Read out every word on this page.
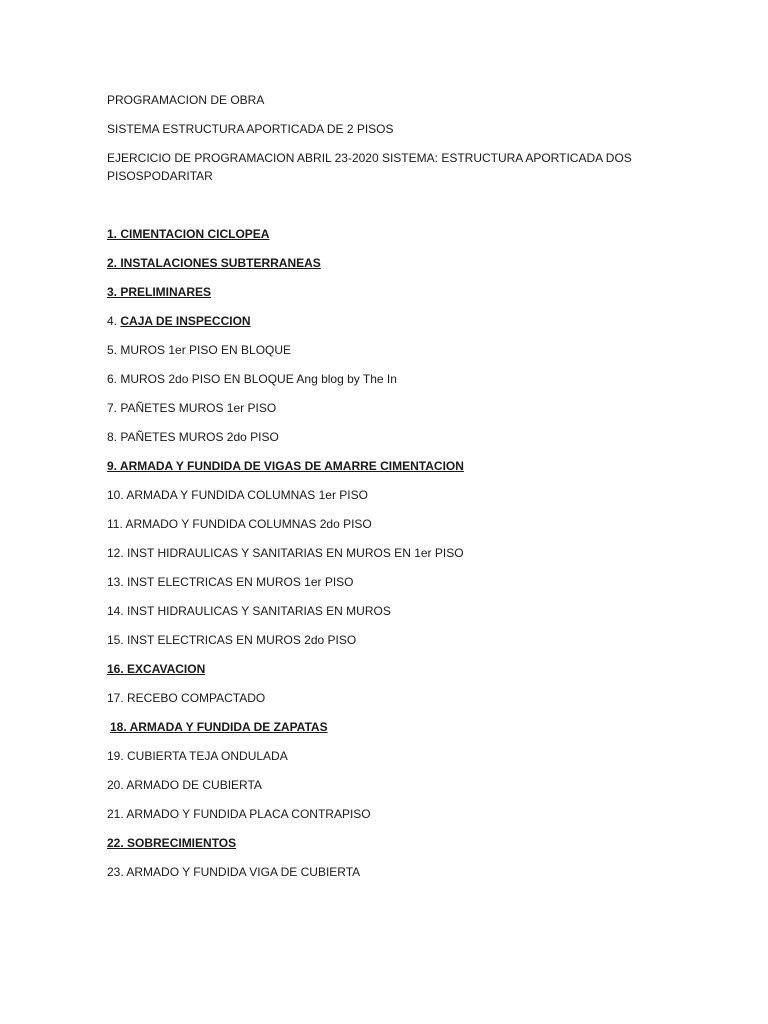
PROGRAMACION DE OBRA
SISTEMA ESTRUCTURA APORTICADA DE 2 PISOS
EJERCICIO DE PROGRAMACION ABRIL 23-2020 SISTEMA: ESTRUCTURA APORTICADA DOS PISOSPODARITAR
1. CIMENTACION CICLOPEA
2. INSTALACIONES SUBTERRANEAS
3. PRELIMINARES
4. CAJA DE INSPECCION
5. MUROS 1er PISO EN BLOQUE
6. MUROS 2do PISO EN BLOQUE Ang blog by The In
7. PAÑETES MUROS 1er PISO
8. PAÑETES MUROS 2do PISO
9. ARMADA Y FUNDIDA DE VIGAS DE AMARRE CIMENTACION
10. ARMADA Y FUNDIDA COLUMNAS 1er PISO
11. ARMADO Y FUNDIDA COLUMNAS 2do PISO
12. INST HIDRAULICAS Y SANITARIAS EN MUROS EN 1er PISO
13. INST ELECTRICAS EN MUROS 1er PISO
14. INST HIDRAULICAS Y SANITARIAS EN MUROS
15. INST ELECTRICAS EN MUROS 2do PISO
16. EXCAVACION
17. RECEBO COMPACTADO
18. ARMADA Y FUNDIDA DE ZAPATAS
19. CUBIERTA TEJA ONDULADA
20. ARMADO DE CUBIERTA
21. ARMADO Y FUNDIDA PLACA CONTRAPISO
22. SOBRECIMIENTOS
23. ARMADO Y FUNDIDA VIGA DE CUBIERTA
